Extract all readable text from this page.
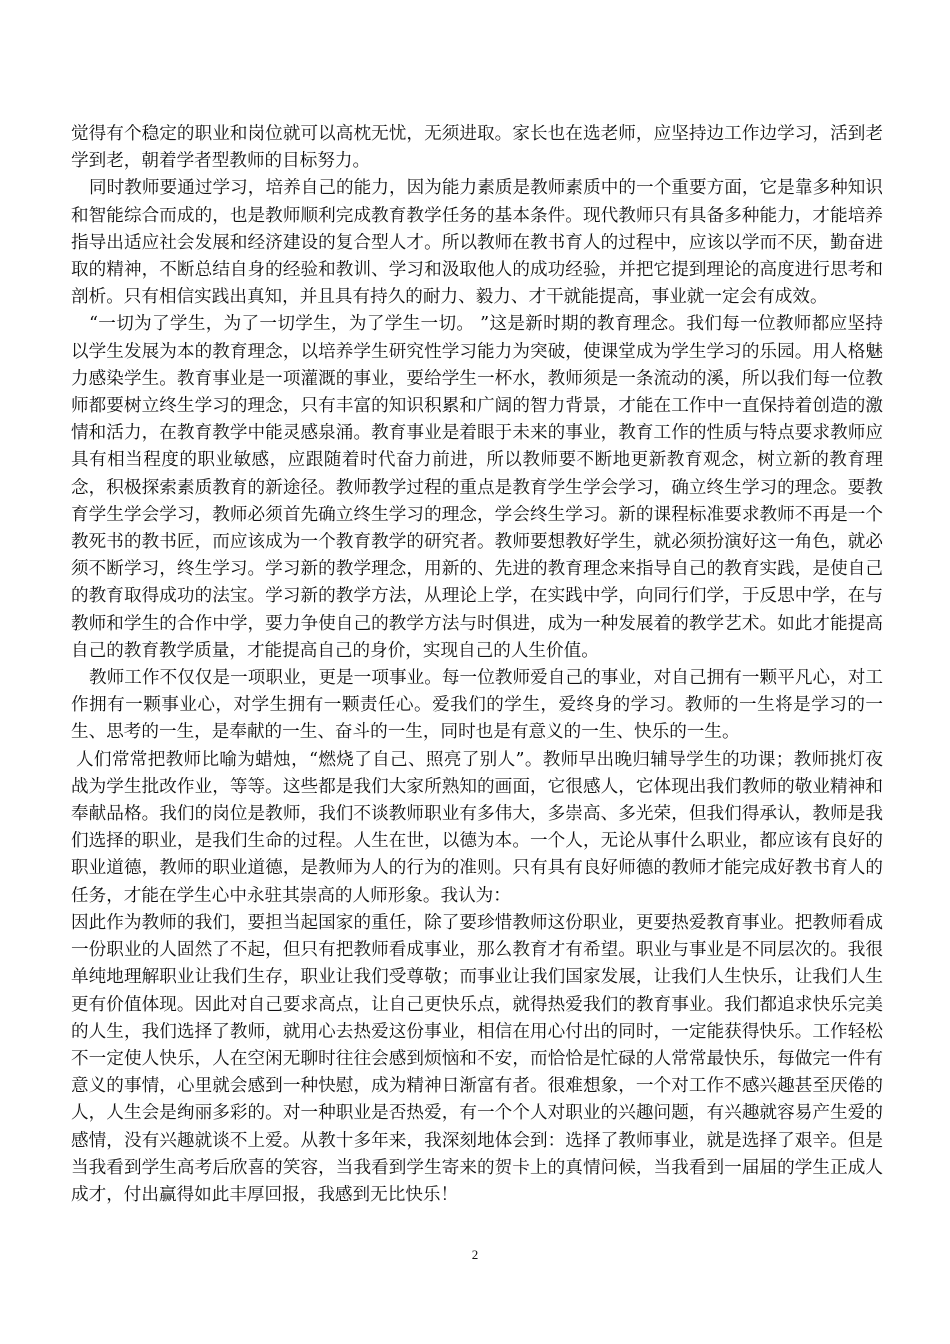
觉得有个稳定的职业和岗位就可以高枕无忧，无须进取。家长也在选老师，应坚持边工作边学习，活到老学到老，朝着学者型教师的目标努力。

同时教师要通过学习，培养自己的能力，因为能力素质是教师素质中的一个重要方面，它是靠多种知识和智能综合而成的，也是教师顺利完成教育教学任务的基本条件。现代教师只有具备多种能力，才能培养指导出适应社会发展和经济建设的复合型人才。所以教师在教书育人的过程中，应该以学而不厌，勤奋进取的精神，不断总结自身的经验和教训、学习和汲取他人的成功经验，并把它提到理论的高度进行思考和剖析。只有相信实践出真知，并且具有持久的耐力、毅力、才干就能提高，事业就一定会有成效。

“一切为了学生，为了一切学生，为了学生一切。 ”这是新时期的教育理念。我们每一位教师都应坚持以学生发展为本的教育理念，以培养学生研究性学习能力为突破，使课堂成为学生学习的乐园。用人格魅力感染学生。教育事业是一项灌溉的事业，要给学生一杯水，教师须是一条流动的溪，所以我们每一位教师都要树立终生学习的理念，只有丰富的知识积累和广阔的智力背景，才能在工作中一直保持着创造的激情和活力，在教育教学中能灵感泉涌。教育事业是着眼于未来的事业，教育工作的性质与特点要求教师应具有相当程度的职业敏感，应跟随着时代奋力前进，所以教师要不断地更新教育观念，树立新的教育理念，积极探索素质教育的新途径。教师教学过程的重点是教育学生学会学习，确立终生学习的理念。要教育学生学会学习，教师必须首先确立终生学习的理念，学会终生学习。新的课程标准要求教师不再是一个教死书的教书匠，而应该成为一个教育教学的研究者。教师要想教好学生，就必须扮演好这一角色，就必须不断学习，终生学习。学习新的教学理念，用新的、先进的教育理念来指导自己的教育实践，是使自己的教育取得成功的法宝。学习新的教学方法，从理论上学，在实践中学，向同行们学，于反思中学，在与教师和学生的合作中学，要力争使自己的教学方法与时俱进，成为一种发展着的教学艺术。如此才能提高自己的教育教学质量，才能提高自己的身价，实现自己的人生价值。

教师工作不仅仅是一项职业，更是一项事业。每一位教师爱自己的事业，对自己拥有一颗平凡心，对工作拥有一颗事业心，对学生拥有一颗责任心。爱我们的学生，爱终身的学习。教师的一生将是学习的一生、思考的一生，是奉献的一生、奋斗的一生，同时也是有意义的一生、快乐的一生。

人们常常把教师比喻为蜡烛，“燃烧了自己、照亮了别人”。教师早出晚归辅导学生的功课；教师挑灯夜战为学生批改作业，等等。这些都是我们大家所熟知的画面，它很感人，它体现出我们教师的敬业精神和奉献品格。我们的岗位是教师，我们不谈教师职业有多伟大，多崇高、多光荣，但我们得承认，教师是我们选择的职业，是我们生命的过程。人生在世，以德为本。一个人，无论从事什么职业，都应该有良好的职业道德，教师的职业道德，是教师为人的行为的准则。只有具有良好师德的教师才能完成好教书育人的任务，才能在学生心中永驻其崇高的人师形象。我认为：

因此作为教师的我们，要担当起国家的重任，除了要珍惜教师这份职业，更要热爱教育事业。把教师看成一份职业的人固然了不起，但只有把教师看成事业，那么教育才有希望。职业与事业是不同层次的。我很单纯地理解职业让我们生存，职业让我们受尊敬；而事业让我们国家发展，让我们人生快乐，让我们人生更有价值体现。因此对自己要求高点，让自己更快乐点，就得热爱我们的教育事业。我们都追求快乐完美的人生，我们选择了教师，就用心去热爱这份事业，相信在用心付出的同时，一定能获得快乐。工作轻松不一定使人快乐，人在空闲无聊时往往会感到烦恼和不安，而恰恰是忙碌的人常常最快乐，每做完一件有意义的事情，心里就会感到一种快慰，成为精神日渐富有者。很难想象，一个对工作不感兴趣甚至厌倦的人，人生会是绚丽多彩的。对一种职业是否热爱，有一个个人对职业的兴趣问题，有兴趣就容易产生爱的感情，没有兴趣就谈不上爱。从教十多年来，我深刻地体会到：选择了教师事业，就是选择了艰辛。但是当我看到学生高考后欣喜的笑容，当我看到学生寄来的贺卡上的真情问候，当我看到一届届的学生正成人成才，付出赢得如此丰厚回报，我感到无比快乐！

2
